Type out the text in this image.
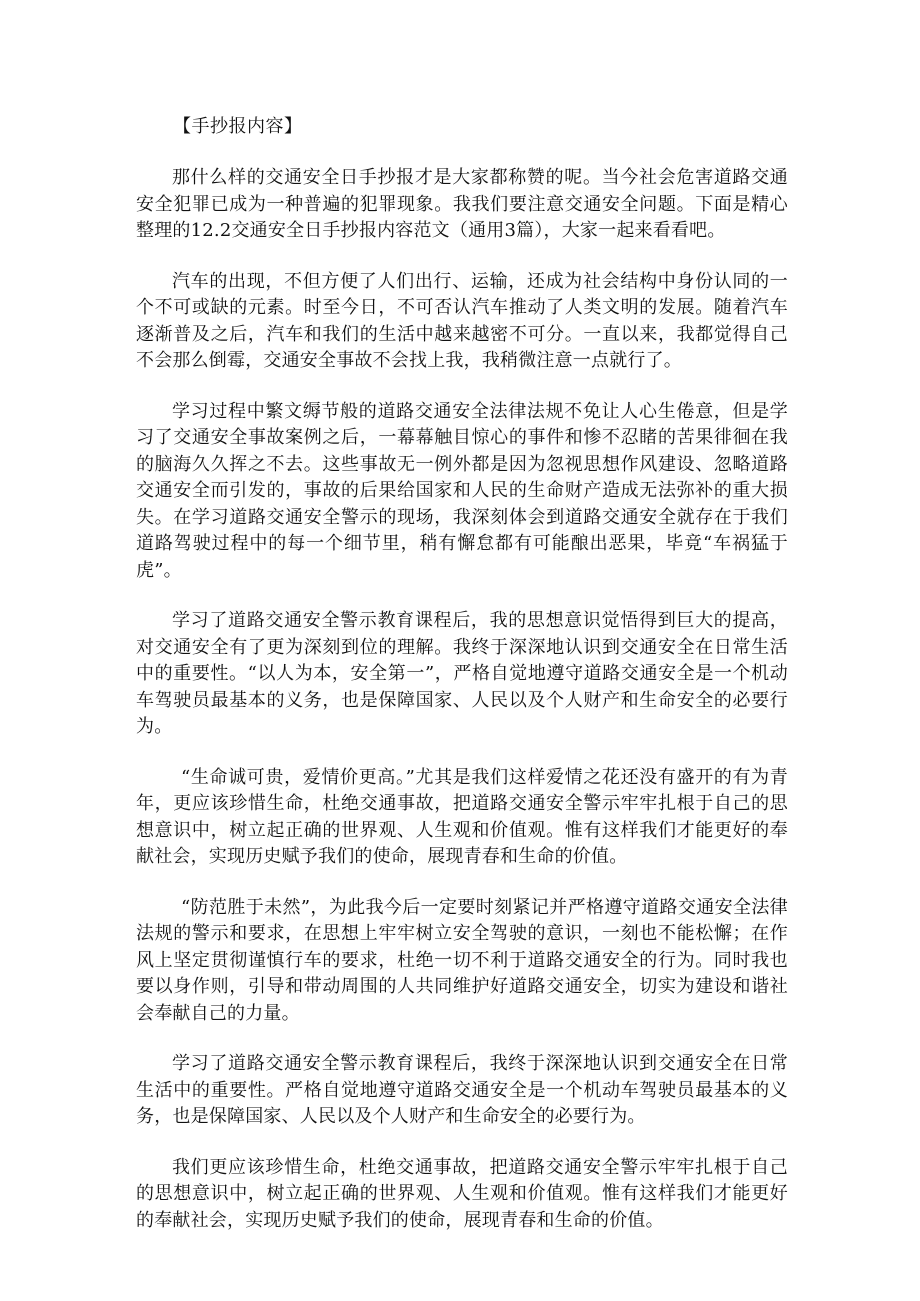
【手抄报内容】

那什么样的交通安全日手抄报才是大家都称赞的呢。当今社会危害道路交通安全犯罪已成为一种普遍的犯罪现象。我我们要注意交通安全问题。下面是精心整理的12.2交通安全日手抄报内容范文（通用3篇），大家一起来看看吧。

汽车的出现，不但方便了人们出行、运输，还成为社会结构中身份认同的一个不可或缺的元素。时至今日，不可否认汽车推动了人类文明的发展。随着汽车逐渐普及之后，汽车和我们的生活中越来越密不可分。一直以来，我都觉得自己不会那么倒霉，交通安全事故不会找上我，我稍微注意一点就行了。

学习过程中繁文缛节般的道路交通安全法律法规不免让人心生倦意，但是学习了交通安全事故案例之后，一幕幕触目惊心的事件和惨不忍睹的苦果徘徊在我的脑海久久挥之不去。这些事故无一例外都是因为忽视思想作风建设、忽略道路交通安全而引发的，事故的后果给国家和人民的生命财产造成无法弥补的重大损失。在学习道路交通安全警示的现场，我深刻体会到道路交通安全就存在于我们道路驾驶过程中的每一个细节里，稍有懈怠都有可能酿出恶果，毕竟“车祸猛于虎”。

学习了道路交通安全警示教育课程后，我的思想意识觉悟得到巨大的提高，对交通安全有了更为深刻到位的理解。我终于深深地认识到交通安全在日常生活中的重要性。“以人为本，安全第一”，严格自觉地遵守道路交通安全是一个机动车驾驶员最基本的义务，也是保障国家、人民以及个人财产和生命安全的必要行为。

“生命诚可贵，爱情价更高。”尤其是我们这样爱情之花还没有盛开的有为青年，更应该珍惜生命，杜绝交通事故，把道路交通安全警示牢牢扎根于自己的思想意识中，树立起正确的世界观、人生观和价值观。惟有这样我们才能更好的奉献社会，实现历史赋予我们的使命，展现青春和生命的价值。

“防范胜于未然”，为此我今后一定要时刻紧记并严格遵守道路交通安全法律法规的警示和要求，在思想上牢牢树立安全驾驶的意识，一刻也不能松懈；在作风上坚定贯彻谨慎行车的要求，杜绝一切不利于道路交通安全的行为。同时我也要以身作则，引导和带动周围的人共同维护好道路交通安全，切实为建设和谐社会奉献自己的力量。

学习了道路交通安全警示教育课程后，我终于深深地认识到交通安全在日常生活中的重要性。严格自觉地遵守道路交通安全是一个机动车驾驶员最基本的义务，也是保障国家、人民以及个人财产和生命安全的必要行为。

我们更应该珍惜生命，杜绝交通事故，把道路交通安全警示牢牢扎根于自己的思想意识中，树立起正确的世界观、人生观和价值观。惟有这样我们才能更好的奉献社会，实现历史赋予我们的使命，展现青春和生命的价值。
